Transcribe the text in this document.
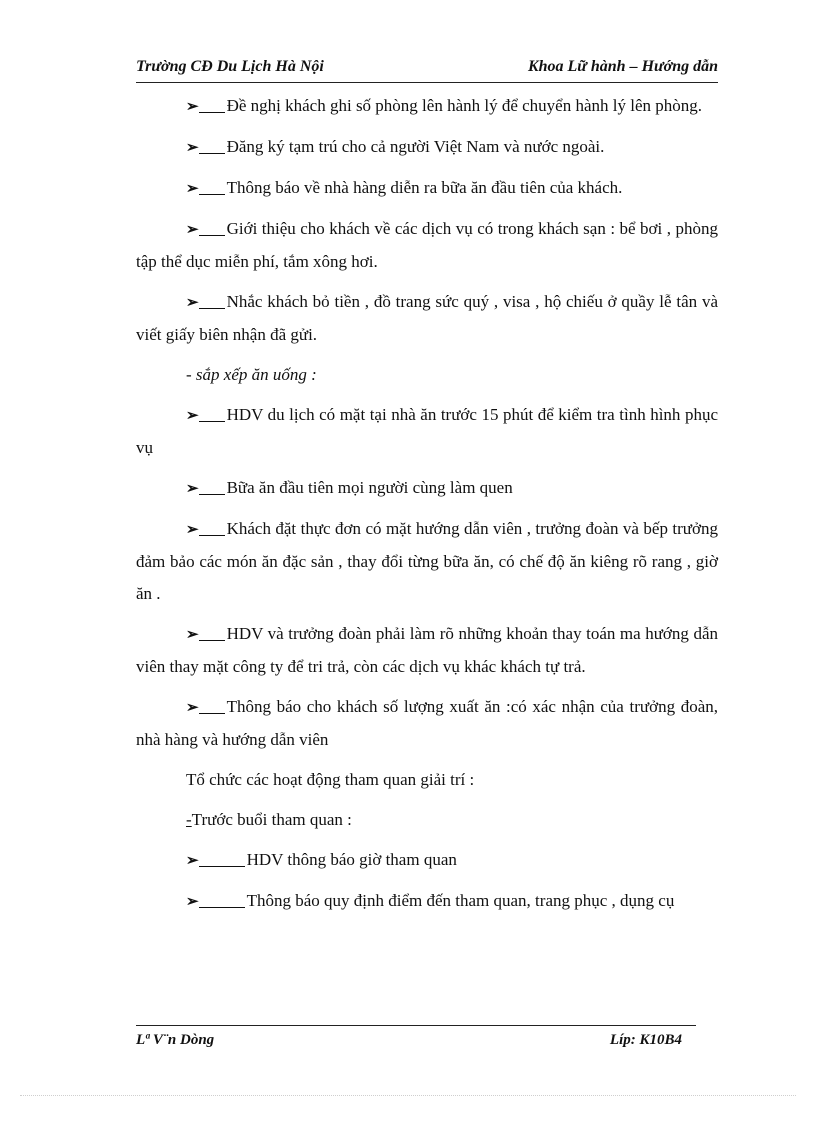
Trường CĐ Du Lịch Hà Nội	Khoa Lữ hành – Hướng dẫn

➢ Đề nghị khách ghi số phòng lên hành lý để chuyển hành lý lên phòng.

➢ Đăng ký tạm trú cho cả người Việt Nam và nước ngoài.

➢ Thông báo về nhà hàng diễn ra bữa ăn đầu tiên của khách.

➢ Giới thiệu cho khách về các dịch vụ có trong khách sạn : bể bơi , phòng tập thể dục miễn phí, tắm xông hơi.

➢ Nhắc khách bỏ tiền , đồ trang sức quý , visa , hộ chiếu ở quầy lễ tân và viết giấy biên nhận đã gửi.

- sắp xếp ăn uống :

➢ HDV du lịch có mặt tại nhà ăn trước 15 phút để kiểm tra tình hình phục vụ

➢ Bữa ăn đầu tiên mọi người cùng làm quen

➢ Khách đặt thực đơn có mặt hướng dẫn viên , trưởng đoàn và bếp trưởng đảm bảo các món ăn đặc sản , thay đổi từng bữa ăn, có chế độ ăn kiêng rõ rang , giờ ăn .

➢ HDV và trưởng đoàn phải làm rõ những khoản thay toán ma hướng dẫn viên thay mặt công ty để tri trả, còn các dịch vụ khác khách tự trả.

➢ Thông báo cho khách số lượng xuất ăn :có xác nhận của trưởng đoàn, nhà hàng và hướng dẫn viên

Tổ chức các hoạt động tham quan giải trí :

-Trước buổi tham quan :

➢	HDV thông báo giờ tham quan

➢	Thông báo quy định điểm đến tham quan, trang phục , dụng cụ

Lª V¨n Dòng	Líp: K10B4
